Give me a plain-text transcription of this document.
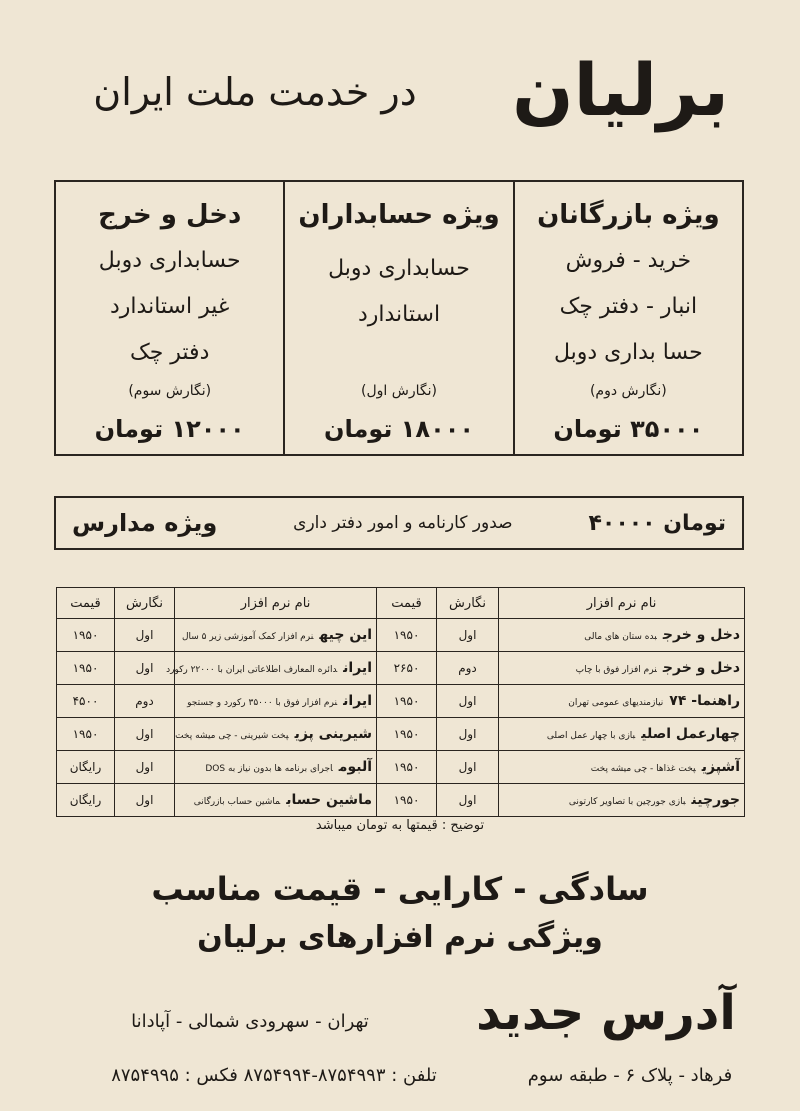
برلیان
در خدمت ملت ایران
ویژه بازرگانان
خرید - فروش
انبار - دفتر چک
حسا بداری دوبل
(نگارش دوم)
۳۵۰۰۰ تومان
ویژه حسابداران
حسابداری دوبل
استاندارد
(نگارش اول)
۱۸۰۰۰ تومان
دخل و خرج
حسابداری دوبل
غیر استاندارد
دفتر چک
(نگارش سوم)
۱۲۰۰۰ تومان
ویژه مدارس	صدور کارنامه و امور دفتر داری	۴۰۰۰۰ تومان
نام نرم افزار	نگارش	قیمت	نام نرم افزار	نگارش	قیمت
دخل و خرجبده ستان های مالی	اول	۱۹۵۰	این چیهنرم افزار کمک آموزشی زیر ۵ سال	اول	۱۹۵۰
دخل و خرجنرم افزار فوق با چاپ	دوم	۲۶۵۰	ایراندائره المعارف اطلاعاتی ایران با ۲۲۰۰۰ رکورد	اول	۱۹۵۰
راهنما- ۷۴نیازمندیهای عمومی تهران	اول	۱۹۵۰	ایراننرم افزار فوق با ۳۵۰۰۰ رکورد و جستجو	دوم	۴۵۰۰
چهارعمل اصلیبازی با چهار عمل اصلی	اول	۱۹۵۰	شیرینی پزیپخت شیرینی - چی میشه پخت	اول	۱۹۵۰
آشپزیپخت غذاها - چی میشه پخت	اول	۱۹۵۰	آلبوماجرای برنامه ها بدون نیاز به DOS	اول	رایگان
جورچینبازی جورچین با تصاویر کارتونی	اول	۱۹۵۰	ماشین حسابماشین حساب بازرگانی	اول	رایگان
توضیح : قیمتها به تومان میباشد
سادگی - کارایی - قیمت مناسب
ویژگی نرم افزارهای برلیان
آدرس جدید
تهران - سهرودی شمالی - آپادانا
فرهاد - پلاک ۶ - طبقه سوم
تلفن : ۸۷۵۴۹۹۳-۸۷۵۴۹۹۴ فکس : ۸۷۵۴۹۹۵
